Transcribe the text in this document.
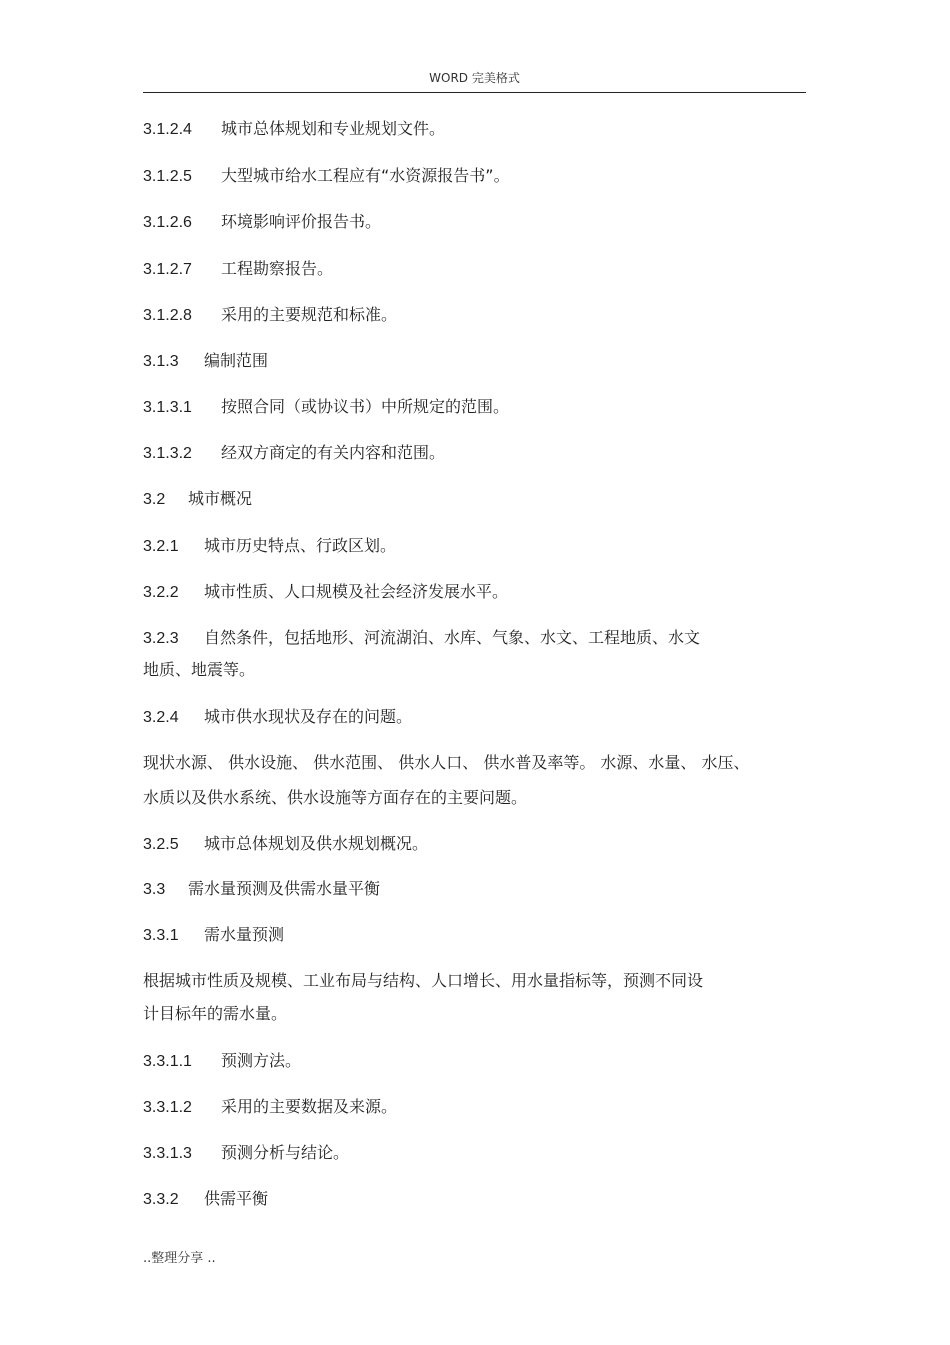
WORD 完美格式
3.1.2.4 城市总体规划和专业规划文件。
3.1.2.5 大型城市给水工程应有“水资源报告书”。
3.1.2.6 环境影响评价报告书。
3.1.2.7 工程勘察报告。
3.1.2.8 采用的主要规范和标准。
3.1.3 编制范围
3.1.3.1 按照合同（或协议书）中所规定的范围。
3.1.3.2 经双方商定的有关内容和范围。
3.2 城市概况
3.2.1 城市历史特点、行政区划。
3.2.2 城市性质、人口规模及社会经济发展水平。
3.2.3 自然条件，包括地形、河流湖泊、水库、气象、水文、工程地质、水文
地质、地震等。
3.2.4 城市供水现状及存在的问题。
现状水源、 供水设施、 供水范围、 供水人口、 供水普及率等。 水源、水量、 水压、
水质以及供水系统、供水设施等方面存在的主要问题。
3.2.5 城市总体规划及供水规划概况。
3.3 需水量预测及供需水量平衡
3.3.1 需水量预测
根据城市性质及规模、工业布局与结构、人口增长、用水量指标等，预测不同设
计目标年的需水量。
3.3.1.1 预测方法。
3.3.1.2 采用的主要数据及来源。
3.3.1.3 预测分析与结论。
3.3.2 供需平衡
..整理分享 ..
